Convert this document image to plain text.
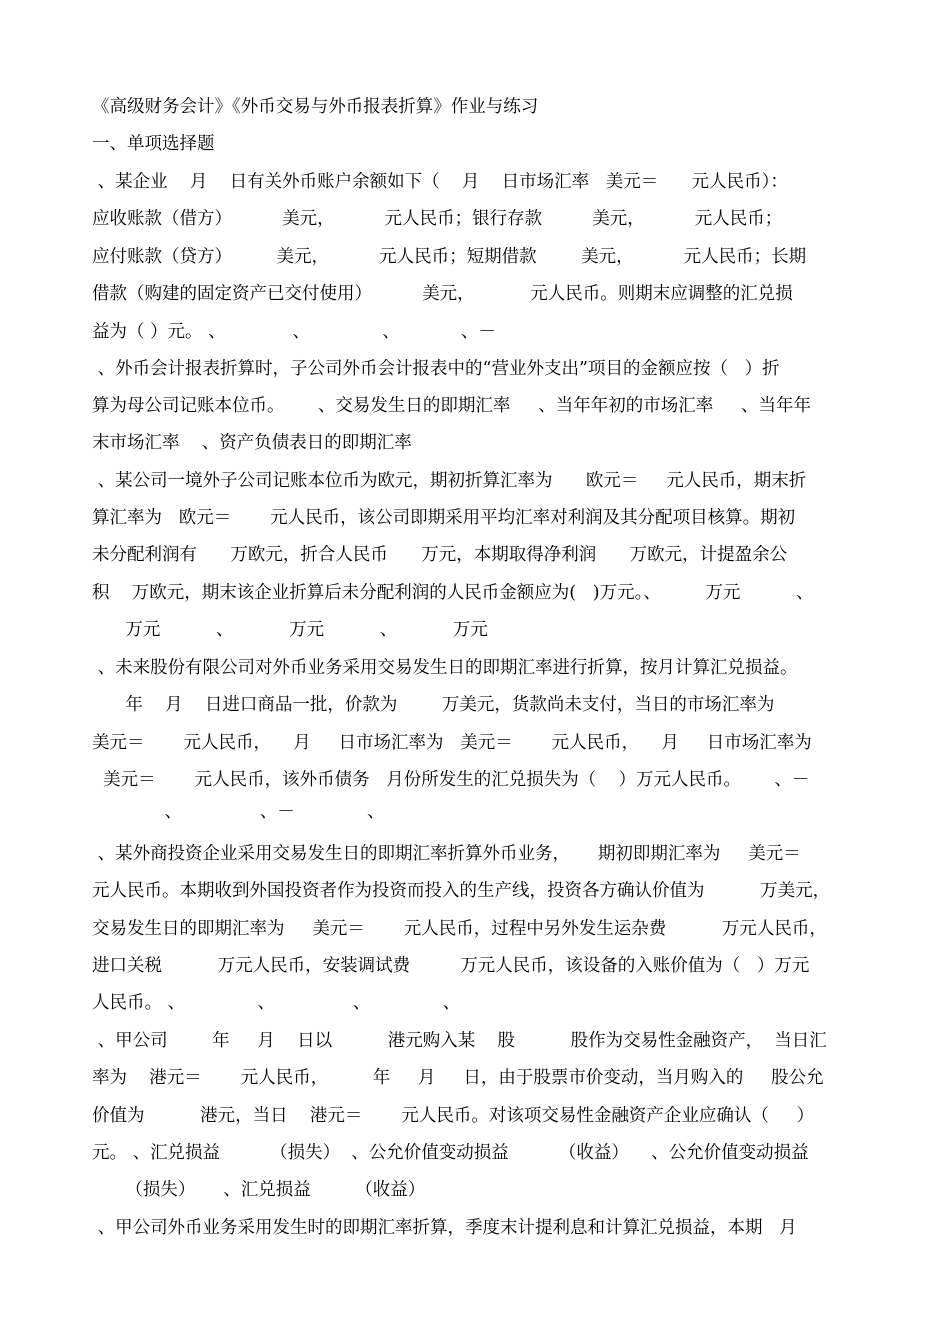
《高级财务会计》《外币交易与外币报表折算》作业与练习
一、单项选择题
、某企业    月    日有关外币账户余额如下（    月    日市场汇率   美元＝      元人民币）：
应收账款（借方）         美元，         元人民币；银行存款         美元，         元人民币；
应付账款（贷方）        美元，         元人民币；短期借款        美元，         元人民币；长期
借款（购建的固定资产已交付使用）         美元，          元人民币。则期末应调整的汇兑损
益为（ ）元。 、            、             、           、－
、外币会计报表折算时，子公司外币会计报表中的“营业外支出”项目的金额应按（   ）折
算为母公司记账本位币。      、交易发生日的即期汇率     、当年年初的市场汇率     、当年年
末市场汇率    、资产负债表日的即期汇率
、某公司一境外子公司记账本位币为欧元，期初折算汇率为      欧元＝     元人民币，期末折
算汇率为   欧元＝       元人民币，该公司即期采用平均汇率对利润及其分配项目核算。期初
未分配利润有      万欧元，折合人民币      万元，本期取得净利润      万欧元，计提盈余公
积    万欧元，期末该企业折算后未分配利润的人民币金额应为(   )万元。、        万元          、
万元          、          万元          、          万元
、未来股份有限公司对外币业务采用交易发生日的即期汇率进行折算，按月计算汇兑损益。
年    月    日进口商品一批，价款为        万美元，货款尚未支付，当日的市场汇率为
美元＝       元人民币，    月     日市场汇率为   美元＝       元人民币，    月     日市场汇率为
美元＝       元人民币，该外币债务   月份所发生的汇兑损失为（    ）万元人民币。      、－
、              、－             、
、某外商投资企业采用交易发生日的即期汇率折算外币业务，     期初即期汇率为     美元＝
元人民币。本期收到外国投资者作为投资而投入的生产线，投资各方确认价值为          万美元，
交易发生日的即期汇率为     美元＝       元人民币，过程中另外发生运杂费          万元人民币，
进口关税          万元人民币，安装调试费         万元人民币，该设备的入账价值为（   ）万元
人民币。 、             、              、             、
、甲公司        年     月    日以          港元购入某    股          股作为交易性金融资产，  当日汇
率为    港元＝       元人民币，        年     月     日，由于股票市价变动，当月购入的     股公允
价值为          港元，当日    港元＝       元人民币。对该项交易性金融资产企业应确认（     ）
元。 、汇兑损益         （损失）  、公允价值变动损益         （收益）    、公允价值变动损益
（损失）     、汇兑损益        （收益）
、甲公司外币业务采用发生时的即期汇率折算，季度末计提利息和计算汇兑损益，本期   月
